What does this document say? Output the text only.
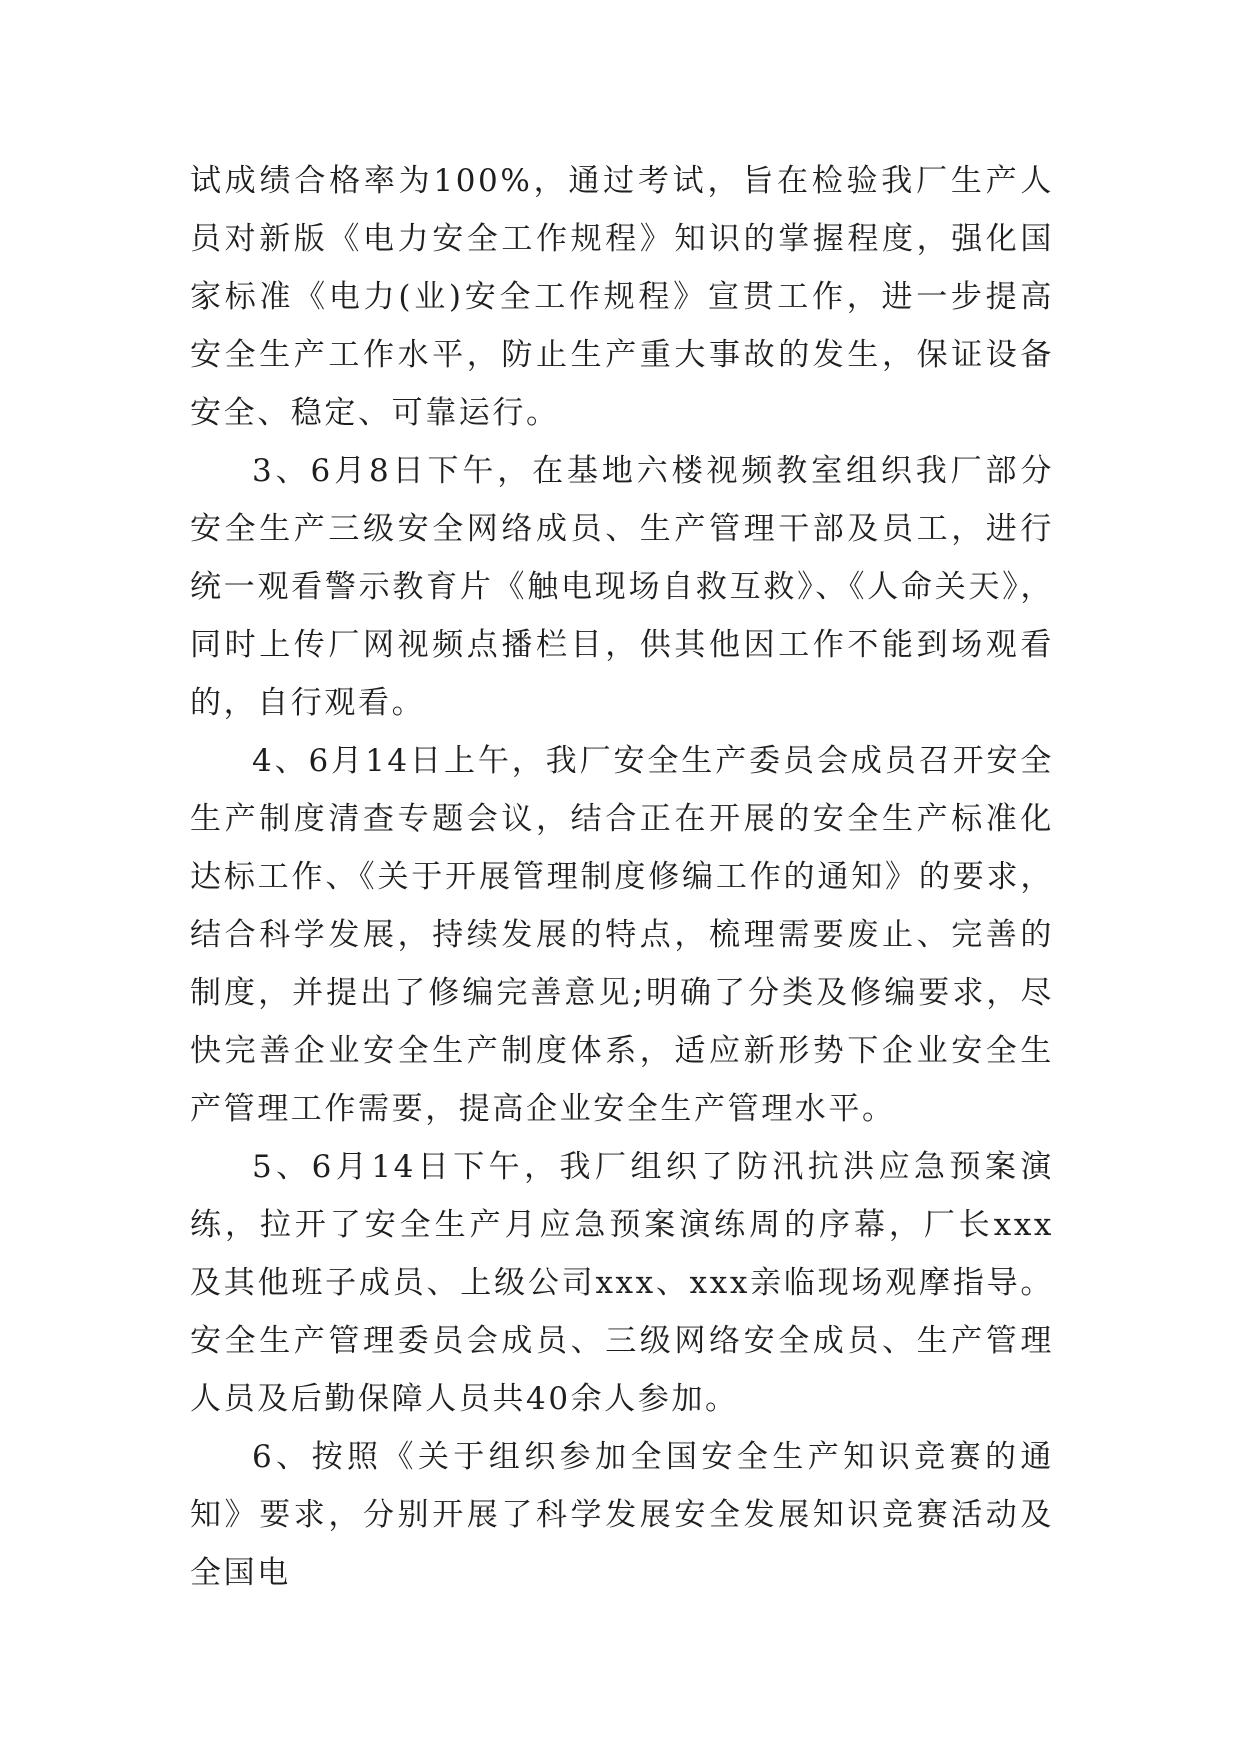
试成绩合格率为100%，通过考试，旨在检验我厂生产人员对新版《电力安全工作规程》知识的掌握程度，强化国家标准《电力(业)安全工作规程》宣贯工作，进一步提高安全生产工作水平，防止生产重大事故的发生，保证设备安全、稳定、可靠运行。

3、6月8日下午，在基地六楼视频教室组织我厂部分安全生产三级安全网络成员、生产管理干部及员工，进行统一观看警示教育片《触电现场自救互救》、《人命关天》，同时上传厂网视频点播栏目，供其他因工作不能到场观看的，自行观看。

4、6月14日上午，我厂安全生产委员会成员召开安全生产制度清查专题会议，结合正在开展的安全生产标准化达标工作、《关于开展管理制度修编工作的通知》的要求，结合科学发展，持续发展的特点，梳理需要废止、完善的制度，并提出了修编完善意见;明确了分类及修编要求，尽快完善企业安全生产制度体系，适应新形势下企业安全生产管理工作需要，提高企业安全生产管理水平。

5、6月14日下午，我厂组织了防汛抗洪应急预案演练，拉开了安全生产月应急预案演练周的序幕，厂长xxx及其他班子成员、上级公司xxx、xxx亲临现场观摩指导。安全生产管理委员会成员、三级网络安全成员、生产管理人员及后勤保障人员共40余人参加。

6、按照《关于组织参加全国安全生产知识竞赛的通知》要求，分别开展了科学发展安全发展知识竞赛活动及全国电
